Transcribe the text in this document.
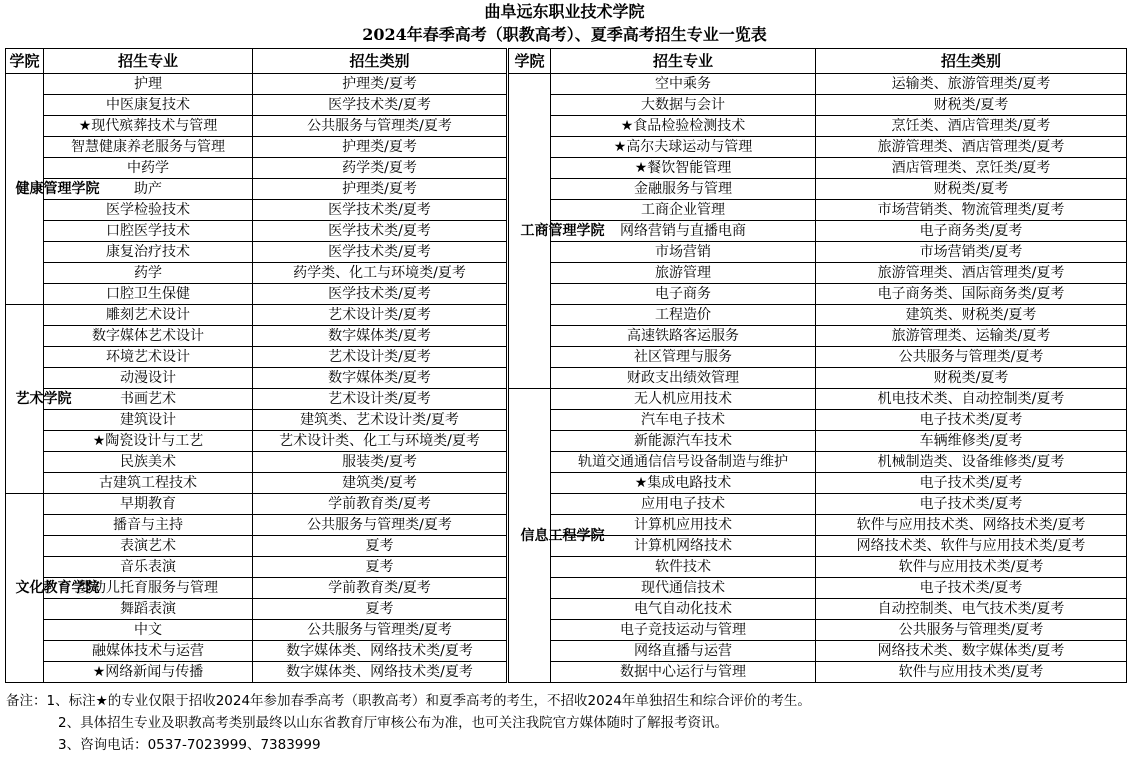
曲阜远东职业技术学院
2024年春季高考（职教高考）、夏季高考招生专业一览表
学院	招生专业	招生类别

健康管理学院	护理	护理类/夏考
	中医康复技术	医学技术类/夏考
	★现代殡葬技术与管理	公共服务与管理类/夏考
	智慧健康养老服务与管理	护理类/夏考
	中药学	药学类/夏考
	助产	护理类/夏考
	医学检验技术	医学技术类/夏考
	口腔医学技术	医学技术类/夏考
	康复治疗技术	医学技术类/夏考
	药学	药学类、化工与环境类/夏考
	口腔卫生保健	医学技术类/夏考

艺术学院	雕刻艺术设计	艺术设计类/夏考
	数字媒体艺术设计	数字媒体类/夏考
	环境艺术设计	艺术设计类/夏考
	动漫设计	数字媒体类/夏考
	书画艺术	艺术设计类/夏考
	建筑设计	建筑类、艺术设计类/夏考
	★陶瓷设计与工艺	艺术设计类、化工与环境类/夏考
	民族美术	服装类/夏考
	古建筑工程技术	建筑类/夏考

文化教育学院	早期教育	学前教育类/夏考
	播音与主持	公共服务与管理类/夏考
	表演艺术	夏考
	音乐表演	夏考
	婴幼儿托育服务与管理	学前教育类/夏考
	舞蹈表演	夏考
	中文	公共服务与管理类/夏考
	融媒体技术与运营	数字媒体类、网络技术类/夏考
	★网络新闻与传播	数字媒体类、网络技术类/夏考
学院	招生专业	招生类别

工商管理学院	空中乘务	运输类、旅游管理类/夏考
	大数据与会计	财税类/夏考
	★食品检验检测技术	烹饪类、酒店管理类/夏考
	★高尔夫球运动与管理	旅游管理类、酒店管理类/夏考
	★餐饮智能管理	酒店管理类、烹饪类/夏考
	金融服务与管理	财税类/夏考
	工商企业管理	市场营销类、物流管理类/夏考
	网络营销与直播电商	电子商务类/夏考
	市场营销	市场营销类/夏考
	旅游管理	旅游管理类、酒店管理类/夏考
	电子商务	电子商务类、国际商务类/夏考
	工程造价	建筑类、财税类/夏考
	高速铁路客运服务	旅游管理类、运输类/夏考
	社区管理与服务	公共服务与管理类/夏考
	财政支出绩效管理	财税类/夏考

信息工程学院	无人机应用技术	机电技术类、自动控制类/夏考
	汽车电子技术	电子技术类/夏考
	新能源汽车技术	车辆维修类/夏考
	轨道交通通信信号设备制造与维护	机械制造类、设备维修类/夏考
	★集成电路技术	电子技术类/夏考
	应用电子技术	电子技术类/夏考
	计算机应用技术	软件与应用技术类、网络技术类/夏考
	计算机网络技术	网络技术类、软件与应用技术类/夏考
	软件技术	软件与应用技术类/夏考
	现代通信技术	电子技术类/夏考
	电气自动化技术	自动控制类、电气技术类/夏考
	电子竞技运动与管理	公共服务与管理类/夏考
	网络直播与运营	网络技术类、数字媒体类/夏考
	数据中心运行与管理	软件与应用技术类/夏考
备注：1、标注★的专业仅限于招收2024年参加春季高考（职教高考）和夏季高考的考生，不招收2024年单独招生和综合评价的考生。
2、具体招生专业及职教高考类别最终以山东省教育厅审核公布为准，也可关注我院官方媒体随时了解报考资讯。
3、咨询电话：0537-7023999、7383999
